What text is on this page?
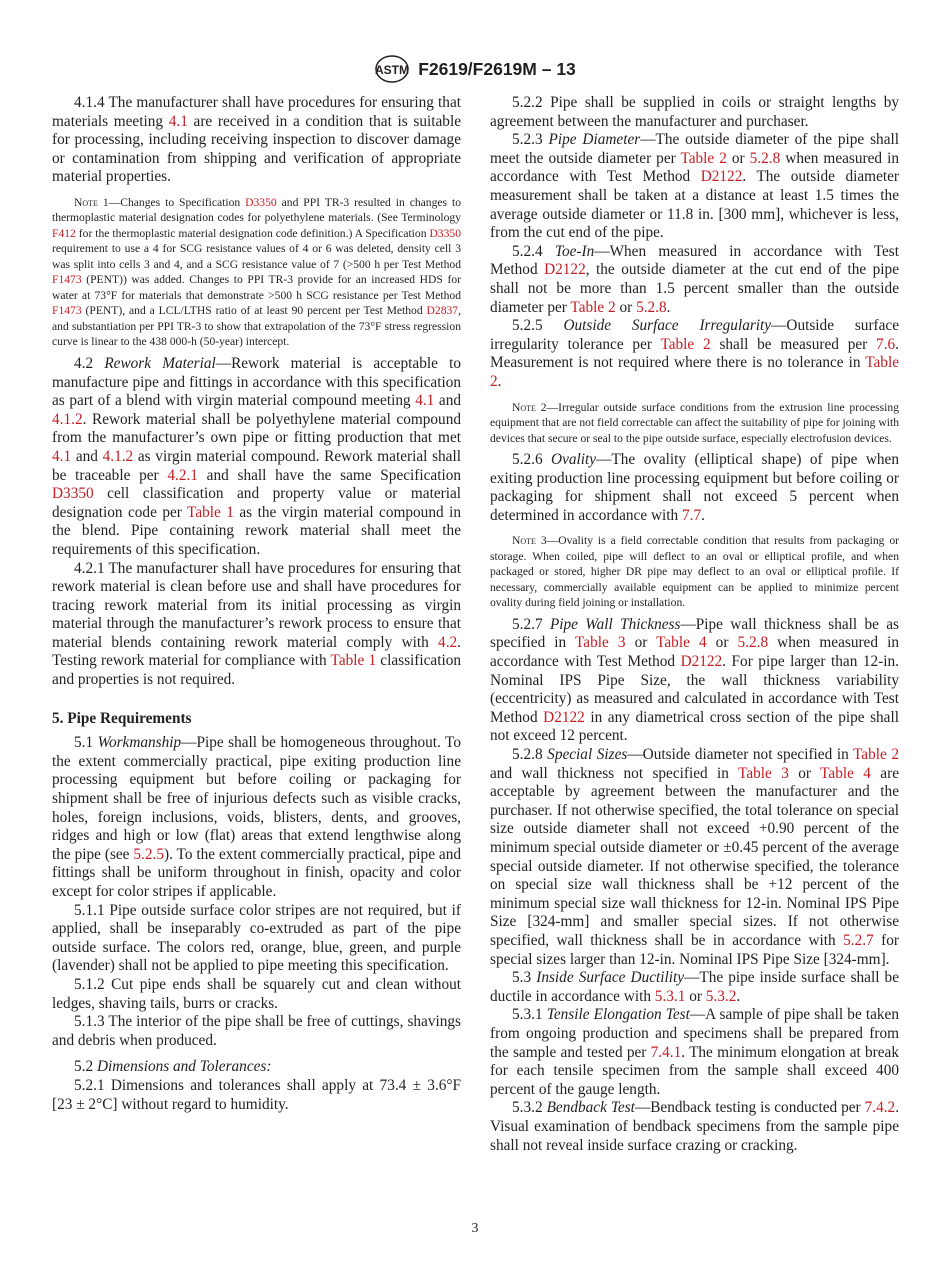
ASTM F2619/F2619M – 13

4.1.4 The manufacturer shall have procedures for ensuring that materials meeting 4.1 are received in a condition that is suitable for processing, including receiving inspection to discover damage or contamination from shipping and verification of appropriate material properties.

Note 1—Changes to Specification D3350 and PPI TR-3 resulted in changes to thermoplastic material designation codes for polyethylene materials. (See Terminology F412 for the thermoplastic material designation code definition.) A Specification D3350 requirement to use a 4 for SCG resistance values of 4 or 6 was deleted, density cell 3 was split into cells 3 and 4, and a SCG resistance value of 7 (>500 h per Test Method F1473 (PENT)) was added. Changes to PPI TR-3 provide for an increased HDS for water at 73°F for materials that demonstrate >500 h SCG resistance per Test Method F1473 (PENT), and a LCL/LTHS ratio of at least 90 percent per Test Method D2837, and substantiation per PPI TR-3 to show that extrapolation of the 73°F stress regression curve is linear to the 438 000-h (50-year) intercept.

4.2 Rework Material—Rework material is acceptable to manufacture pipe and fittings in accordance with this specification as part of a blend with virgin material compound meeting 4.1 and 4.1.2. Rework material shall be polyethylene material compound from the manufacturer’s own pipe or fitting production that met 4.1 and 4.1.2 as virgin material compound. Rework material shall be traceable per 4.2.1 and shall have the same Specification D3350 cell classification and property value or material designation code per Table 1 as the virgin material compound in the blend. Pipe containing rework material shall meet the requirements of this specification.

4.2.1 The manufacturer shall have procedures for ensuring that rework material is clean before use and shall have procedures for tracing rework material from its initial processing as virgin material through the manufacturer’s rework process to ensure that material blends containing rework material comply with 4.2. Testing rework material for compliance with Table 1 classification and properties is not required.

5. Pipe Requirements

5.1 Workmanship—Pipe shall be homogeneous throughout. To the extent commercially practical, pipe exiting production line processing equipment but before coiling or packaging for shipment shall be free of injurious defects such as visible cracks, holes, foreign inclusions, voids, blisters, dents, and grooves, ridges and high or low (flat) areas that extend lengthwise along the pipe (see 5.2.5). To the extent commercially practical, pipe and fittings shall be uniform throughout in finish, opacity and color except for color stripes if applicable.

5.1.1 Pipe outside surface color stripes are not required, but if applied, shall be inseparably co-extruded as part of the pipe outside surface. The colors red, orange, blue, green, and purple (lavender) shall not be applied to pipe meeting this specification.

5.1.2 Cut pipe ends shall be squarely cut and clean without ledges, shaving tails, burrs or cracks.

5.1.3 The interior of the pipe shall be free of cuttings, shavings and debris when produced.

5.2 Dimensions and Tolerances:

5.2.1 Dimensions and tolerances shall apply at 73.4 ± 3.6°F [23 ± 2°C] without regard to humidity.

5.2.2 Pipe shall be supplied in coils or straight lengths by agreement between the manufacturer and purchaser.

5.2.3 Pipe Diameter—The outside diameter of the pipe shall meet the outside diameter per Table 2 or 5.2.8 when measured in accordance with Test Method D2122. The outside diameter measurement shall be taken at a distance at least 1.5 times the average outside diameter or 11.8 in. [300 mm], whichever is less, from the cut end of the pipe.

5.2.4 Toe-In—When measured in accordance with Test Method D2122, the outside diameter at the cut end of the pipe shall not be more than 1.5 percent smaller than the outside diameter per Table 2 or 5.2.8.

5.2.5 Outside Surface Irregularity—Outside surface irregularity tolerance per Table 2 shall be measured per 7.6. Measurement is not required where there is no tolerance in Table 2.

Note 2—Irregular outside surface conditions from the extrusion line processing equipment that are not field correctable can affect the suitability of pipe for joining with devices that secure or seal to the pipe outside surface, especially electrofusion devices.

5.2.6 Ovality—The ovality (elliptical shape) of pipe when exiting production line processing equipment but before coiling or packaging for shipment shall not exceed 5 percent when determined in accordance with 7.7.

Note 3—Ovality is a field correctable condition that results from packaging or storage. When coiled, pipe will deflect to an oval or elliptical profile, and when packaged or stored, higher DR pipe may deflect to an oval or elliptical profile. If necessary, commercially available equipment can be applied to minimize percent ovality during field joining or installation.

5.2.7 Pipe Wall Thickness—Pipe wall thickness shall be as specified in Table 3 or Table 4 or 5.2.8 when measured in accordance with Test Method D2122. For pipe larger than 12-in. Nominal IPS Pipe Size, the wall thickness variability (eccentricity) as measured and calculated in accordance with Test Method D2122 in any diametrical cross section of the pipe shall not exceed 12 percent.

5.2.8 Special Sizes—Outside diameter not specified in Table 2 and wall thickness not specified in Table 3 or Table 4 are acceptable by agreement between the manufacturer and the purchaser. If not otherwise specified, the total tolerance on special size outside diameter shall not exceed +0.90 percent of the minimum special outside diameter or ±0.45 percent of the average special outside diameter. If not otherwise specified, the tolerance on special size wall thickness shall be +12 percent of the minimum special size wall thickness for 12-in. Nominal IPS Pipe Size [324-mm] and smaller special sizes. If not otherwise specified, wall thickness shall be in accordance with 5.2.7 for special sizes larger than 12-in. Nominal IPS Pipe Size [324-mm].

5.3 Inside Surface Ductility—The pipe inside surface shall be ductile in accordance with 5.3.1 or 5.3.2.

5.3.1 Tensile Elongation Test—A sample of pipe shall be taken from ongoing production and specimens shall be prepared from the sample and tested per 7.4.1. The minimum elongation at break for each tensile specimen from the sample shall exceed 400 percent of the gauge length.

5.3.2 Bendback Test—Bendback testing is conducted per 7.4.2. Visual examination of bendback specimens from the sample pipe shall not reveal inside surface crazing or cracking.

3
